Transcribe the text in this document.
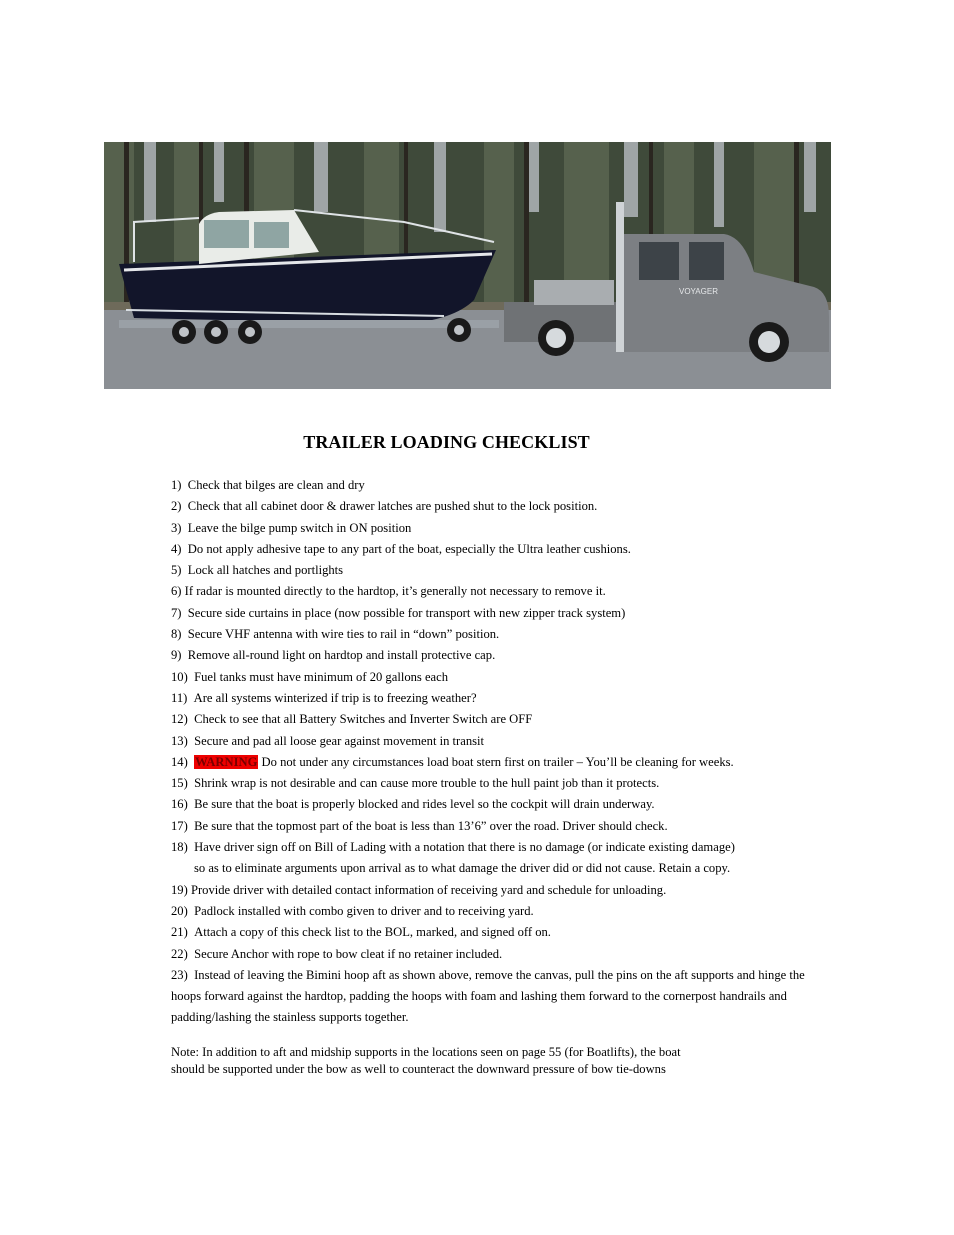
VOYAGER
TRAILER LOADING CHECKLIST
1) Check that bilges are clean and dry
2) Check that all cabinet door & drawer latches are pushed shut to the lock position.
3) Leave the bilge pump switch in ON position
4) Do not apply adhesive tape to any part of the boat, especially the Ultra leather cushions.
5) Lock all hatches and portlights
6) If radar is mounted directly to the hardtop, it’s generally not necessary to remove it.
7) Secure side curtains in place (now possible for transport with new zipper track system)
8) Secure VHF antenna with wire ties to rail in “down” position.
9) Remove all-round light on hardtop and install protective cap.
10) Fuel tanks must have minimum of 20 gallons each
11) Are all systems winterized if trip is to freezing weather?
12) Check to see that all Battery Switches and Inverter Switch are OFF
13) Secure and pad all loose gear against movement in transit
14) WARNING Do not under any circumstances load boat stern first on trailer – You’ll be cleaning for weeks.
15) Shrink wrap is not desirable and can cause more trouble to the hull paint job than it protects.
16) Be sure that the boat is properly blocked and rides level so the cockpit will drain underway.
17) Be sure that the topmost part of the boat is less than 13’6” over the road. Driver should check.
18) Have driver sign off on Bill of Lading with a notation that there is no damage (or indicate existing damage)
so as to eliminate arguments upon arrival as to what damage the driver did or did not cause. Retain a copy.
19) Provide driver with detailed contact information of receiving yard and schedule for unloading.
20) Padlock installed with combo given to driver and to receiving yard.
21) Attach a copy of this check list to the BOL, marked, and signed off on.
22) Secure Anchor with rope to bow cleat if no retainer included.
23) Instead of leaving the Bimini hoop aft as shown above, remove the canvas, pull the pins on the aft supports and hinge the hoops forward against the hardtop, padding the hoops with foam and lashing them forward to the cornerpost handrails and padding/lashing the stainless supports together.
Note: In addition to aft and midship supports in the locations seen on page 55 (for Boatlifts), the boat
should be supported under the bow as well to counteract the downward pressure of bow tie-downs
